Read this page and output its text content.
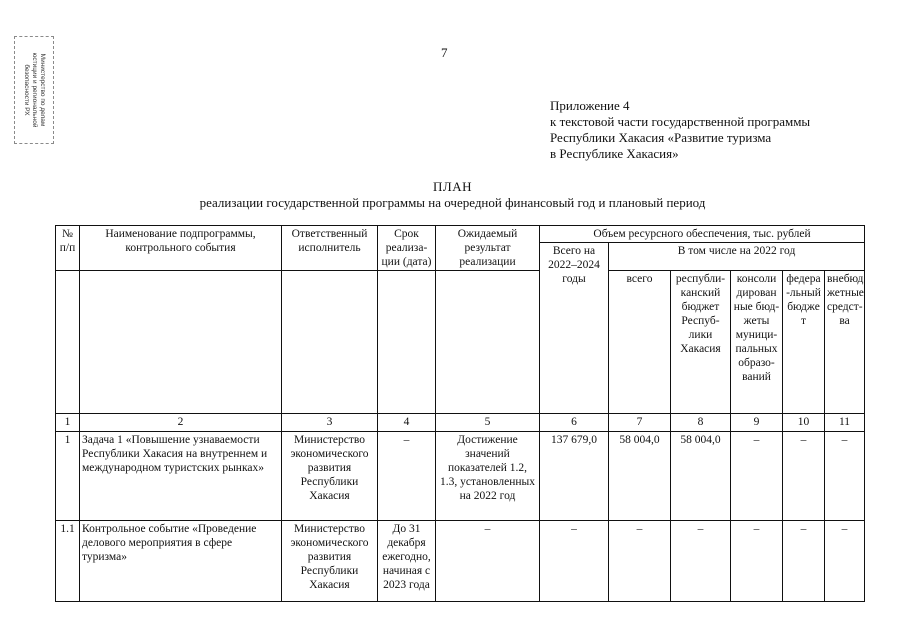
Министерство по делам
юстиции и региональной
безопасности РХ
7
Приложение 4
к текстовой части государственной программы
Республики Хакасия «Развитие туризма
в Республике Хакасия»
ПЛАН
реализации государственной программы на очередной финансовый год и плановый период
№ п/п	Наименование подпрограммы, контрольного события	Ответственный исполнитель	Срок реализа-ции (дата)	Ожидаемый результат реализации	Объем ресурсного обеспечения, тыс. рублей					
					Всего на 2022–2024 годы	В том числе на 2022 год				
						всего	республи-канский бюджет Респуб-лики Хакасия	консоли дирован ные бюд-жеты муници-пальных образо-ваний	федера -льный бюдже т	внебюд жетные средст-ва
1	2	3	4	5	6	7	8	9	10	11
1	Задача 1 «Повышение узнаваемости Республики Хакасия на внутреннем и международном туристских рынках»	Министерство экономического развития Республики Хакасия	–	Достижение значений показателей 1.2, 1.3, установленных на 2022 год	137 679,0	58 004,0	58 004,0	–	–	–
1.1	Контрольное событие «Проведение делового мероприятия в сфере туризма»	Министерство экономического развития Республики Хакасия	До 31 декабря ежегодно, начиная с 2023 года	–	–	–	–	–	–	–
